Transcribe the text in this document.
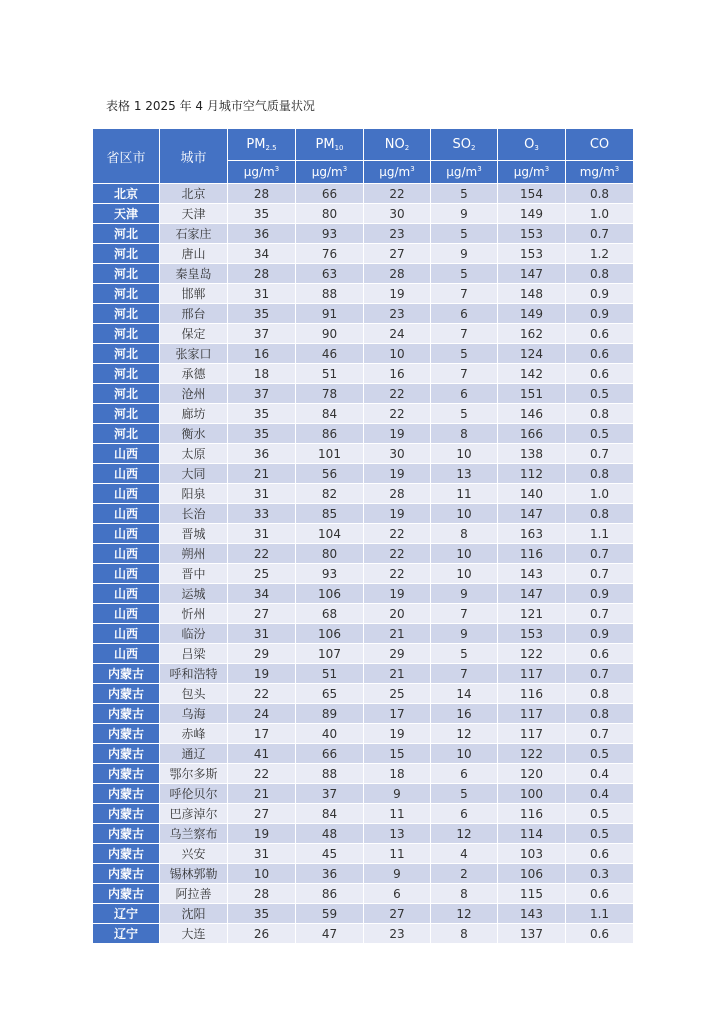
表格 1 2025 年 4 月城市空气质量状况
省区市	城市	$PM_{2.5}$	$PM_{10}$	$NO_2$	$SO_2$	$O_3$	CO
		$\mu g/m^3$	$\mu g/m^3$	$\mu g/m^3$	$\mu g/m^3$	$\mu g/m^3$	$mg/m^3$
北京	北京	28	66	22	5	154	0.8
天津	天津	35	80	30	9	149	1.0
河北	石家庄	36	93	23	5	153	0.7
河北	唐山	34	76	27	9	153	1.2
河北	秦皇岛	28	63	28	5	147	0.8
河北	邯郸	31	88	19	7	148	0.9
河北	邢台	35	91	23	6	149	0.9
河北	保定	37	90	24	7	162	0.6
河北	张家口	16	46	10	5	124	0.6
河北	承德	18	51	16	7	142	0.6
河北	沧州	37	78	22	6	151	0.5
河北	廊坊	35	84	22	5	146	0.8
河北	衡水	35	86	19	8	166	0.5
山西	太原	36	101	30	10	138	0.7
山西	大同	21	56	19	13	112	0.8
山西	阳泉	31	82	28	11	140	1.0
山西	长治	33	85	19	10	147	0.8
山西	晋城	31	104	22	8	163	1.1
山西	朔州	22	80	22	10	116	0.7
山西	晋中	25	93	22	10	143	0.7
山西	运城	34	106	19	9	147	0.9
山西	忻州	27	68	20	7	121	0.7
山西	临汾	31	106	21	9	153	0.9
山西	吕梁	29	107	29	5	122	0.6
内蒙古	呼和浩特	19	51	21	7	117	0.7
内蒙古	包头	22	65	25	14	116	0.8
内蒙古	乌海	24	89	17	16	117	0.8
内蒙古	赤峰	17	40	19	12	117	0.7
内蒙古	通辽	41	66	15	10	122	0.5
内蒙古	鄂尔多斯	22	88	18	6	120	0.4
内蒙古	呼伦贝尔	21	37	9	5	100	0.4
内蒙古	巴彦淖尔	27	84	11	6	116	0.5
内蒙古	乌兰察布	19	48	13	12	114	0.5
内蒙古	兴安	31	45	11	4	103	0.6
内蒙古	锡林郭勒	10	36	9	2	106	0.3
内蒙古	阿拉善	28	86	6	8	115	0.6
辽宁	沈阳	35	59	27	12	143	1.1
辽宁	大连	26	47	23	8	137	0.6
